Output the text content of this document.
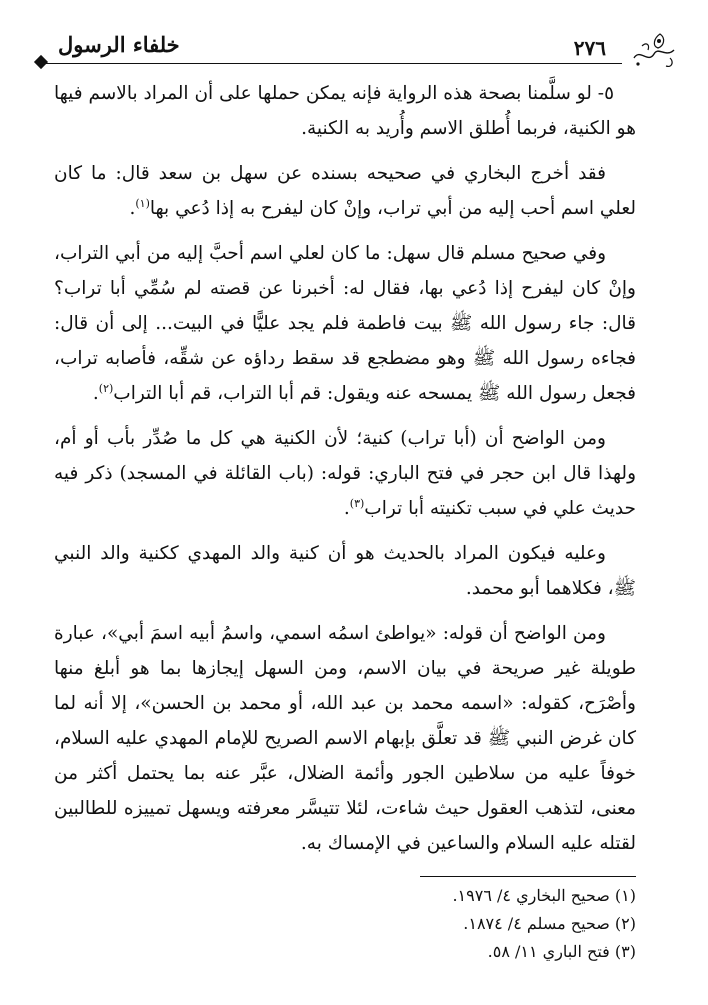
خلفاء الرسول	٢٧٦

٥- لو سلَّمنا بصحة هذه الرواية فإنه يمكن حملها على أن المراد بالاسم فيها هو الكنية، فربما أُطلق الاسم وأُريد به الكنية.

فقد أخرج البخاري في صحيحه بسنده عن سهل بن سعد قال: ما كان لعلي اسم أحب إليه من أبي تراب، وإنْ كان ليفرح به إذا دُعي بها$^{(١)}$.

وفي صحيح مسلم قال سهل: ما كان لعلي اسم أحبَّ إليه من أبي التراب، وإنْ كان ليفرح إذا دُعي بها، فقال له: أخبرنا عن قصته لم سُمِّي أبا تراب؟ قال: جاء رسول الله ﷺ بيت فاطمة فلم يجد عليًّا في البيت... إلى أن قال: فجاءه رسول الله ﷺ وهو مضطجع قد سقط رداؤه عن شقِّه، فأصابه تراب، فجعل رسول الله ﷺ يمسحه عنه ويقول: قم أبا التراب، قم أبا التراب$^{(٢)}$.

ومن الواضح أن (أبا تراب) كنية؛ لأن الكنية هي كل ما صُدِّر بأب أو أم، ولهذا قال ابن حجر في فتح الباري: قوله: (باب القائلة في المسجد) ذكر فيه حديث علي في سبب تكنيته أبا تراب$^{(٣)}$.

وعليه فيكون المراد بالحديث هو أن كنية والد المهدي ككنية والد النبي ﷺ، فكلاهما أبو محمد.

ومن الواضح أن قوله: «يواطئ اسمُه اسمي، واسمُ أبيه اسمَ أبي»، عبارة طويلة غير صريحة في بيان الاسم، ومن السهل إيجازها بما هو أبلغ منها وأصْرَح، كقوله: «اسمه محمد بن عبد الله، أو محمد بن الحسن»، إلا أنه لما كان غرض النبي ﷺ قد تعلَّق بإبهام الاسم الصريح للإمام المهدي عليه السلام، خوفاً عليه من سلاطين الجور وأئمة الضلال، عبَّر عنه بما يحتمل أكثر من معنى، لتذهب العقول حيث شاءت، لئلا تتيسَّر معرفته ويسهل تمييزه للطالبين لقتله عليه السلام والساعين في الإمساك به.

(١) صحيح البخاري ٤/ ١٩٧٦.
(٢) صحيح مسلم ٤/ ١٨٧٤.
(٣) فتح الباري ١١/ ٥٨.
